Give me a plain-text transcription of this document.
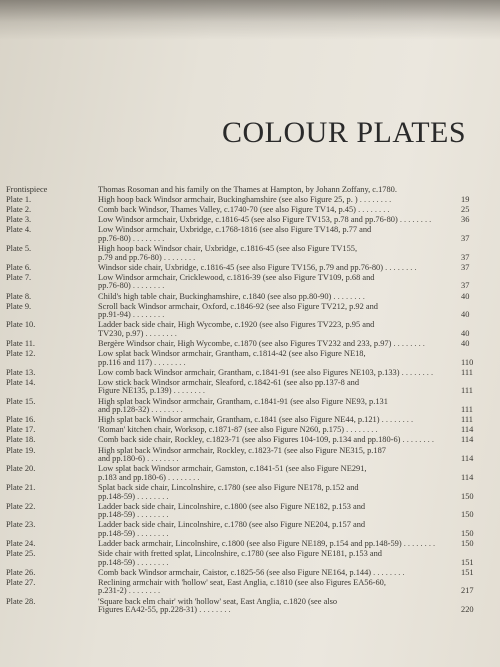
COLOUR PLATES
Frontispiece	Thomas Rosoman and his family on the Thames at Hampton, by Johann Zoffany, c.1780.
Plate 1.	High hoop back Windsor armchair, Buckinghamshire (see also Figure 25, p. ) . . . . . . . .	19
Plate 2.	Comb back Windsor, Thames Valley, c.1740-70 (see also Figure TV14, p.45) . . . . . . . .	25
Plate 3.	Low Windsor armchair, Uxbridge, c.1816-45 (see also Figure TV153, p.78 and pp.76-80) . . . . . . . .	36
Plate 4.	Low Windsor armchair, Uxbridge, c.1768-1816 (see also Figure TV148, p.77 and
pp.76-80) . . . . . . . .	37
Plate 5.	High hoop back Windsor chair, Uxbridge, c.1816-45 (see also Figure TV155,
p.79 and pp.76-80) . . . . . . . .	37
Plate 6.	Windsor side chair, Uxbridge, c.1816-45 (see also Figure TV156, p.79 and pp.76-80) . . . . . . . .	37
Plate 7.	Low Windsor armchair, Cricklewood, c.1816-39 (see also Figure TV109, p.68 and
pp.76-80) . . . . . . . .	37
Plate 8.	Child's high table chair, Buckinghamshire, c.1840 (see also pp.80-90) . . . . . . . .	40
Plate 9.	Scroll back Windsor armchair, Oxford, c.1846-92 (see also Figure TV212, p.92 and
pp.91-94) . . . . . . . .	40
Plate 10.	Ladder back side chair, High Wycombe, c.1920 (see also Figures TV223, p.95 and
TV230, p.97) . . . . . . . .	40
Plate 11.	Bergère Windsor chair, High Wycombe, c.1870 (see also Figures TV232 and 233, p.97) . . . . . . . .	40
Plate 12.	Low splat back Windsor armchair, Grantham, c.1814-42 (see also Figure NE18,
pp.116 and 117) . . . . . . . .	110
Plate 13.	Low comb back Windsor armchair, Grantham, c.1841-91 (see also Figures NE103, p.133) . . . . . . . .	111
Plate 14.	Low stick back Windsor armchair, Sleaford, c.1842-61 (see also pp.137-8 and
Figure NE135, p.139) . . . . . . . .	111
Plate 15.	High splat back Windsor armchair, Grantham, c.1841-91 (see also Figure NE93, p.131
and pp.128-32) . . . . . . . .	111
Plate 16.	High splat back Windsor armchair, Grantham, c.1841 (see also Figure NE44, p.121) . . . . . . . .	111
Plate 17.	'Roman' kitchen chair, Worksop, c.1871-87 (see also Figure N260, p.175) . . . . . . . .	114
Plate 18.	Comb back side chair, Rockley, c.1823-71 (see also Figures 104-109, p.134 and pp.180-6) . . . . . . . .	114
Plate 19.	High splat back Windsor armchair, Rockley, c.1823-71 (see also Figure NE315, p.187
and pp.180-6) . . . . . . . .	114
Plate 20.	Low splat back Windsor armchair, Gamston, c.1841-51 (see also Figure NE291,
p.183 and pp.180-6) . . . . . . . .	114
Plate 21.	Splat back side chair, Lincolnshire, c.1780 (see also Figure NE178, p.152 and
pp.148-59) . . . . . . . .	150
Plate 22.	Ladder back side chair, Lincolnshire, c.1800 (see also Figure NE182, p.153 and
pp.148-59) . . . . . . . .	150
Plate 23.	Ladder back side chair, Lincolnshire, c.1780 (see also Figure NE204, p.157 and
pp.148-59) . . . . . . . .	150
Plate 24.	Ladder back armchair, Lincolnshire, c.1800 (see also Figure NE189, p.154 and pp.148-59) . . . . . . . .	150
Plate 25.	Side chair with fretted splat, Lincolnshire, c.1780 (see also Figure NE181, p.153 and
pp.148-59) . . . . . . . .	151
Plate 26.	Comb back Windsor armchair, Caistor, c.1825-56 (see also Figure NE164, p.144) . . . . . . . .	151
Plate 27.	Reclining armchair with 'hollow' seat, East Anglia, c.1810 (see also Figures EA56-60,
p.231-2) . . . . . . . .	217
Plate 28.	'Square back elm chair' with 'hollow' seat, East Anglia, c.1820 (see also
Figures EA42-55, pp.228-31) . . . . . . . .	220
